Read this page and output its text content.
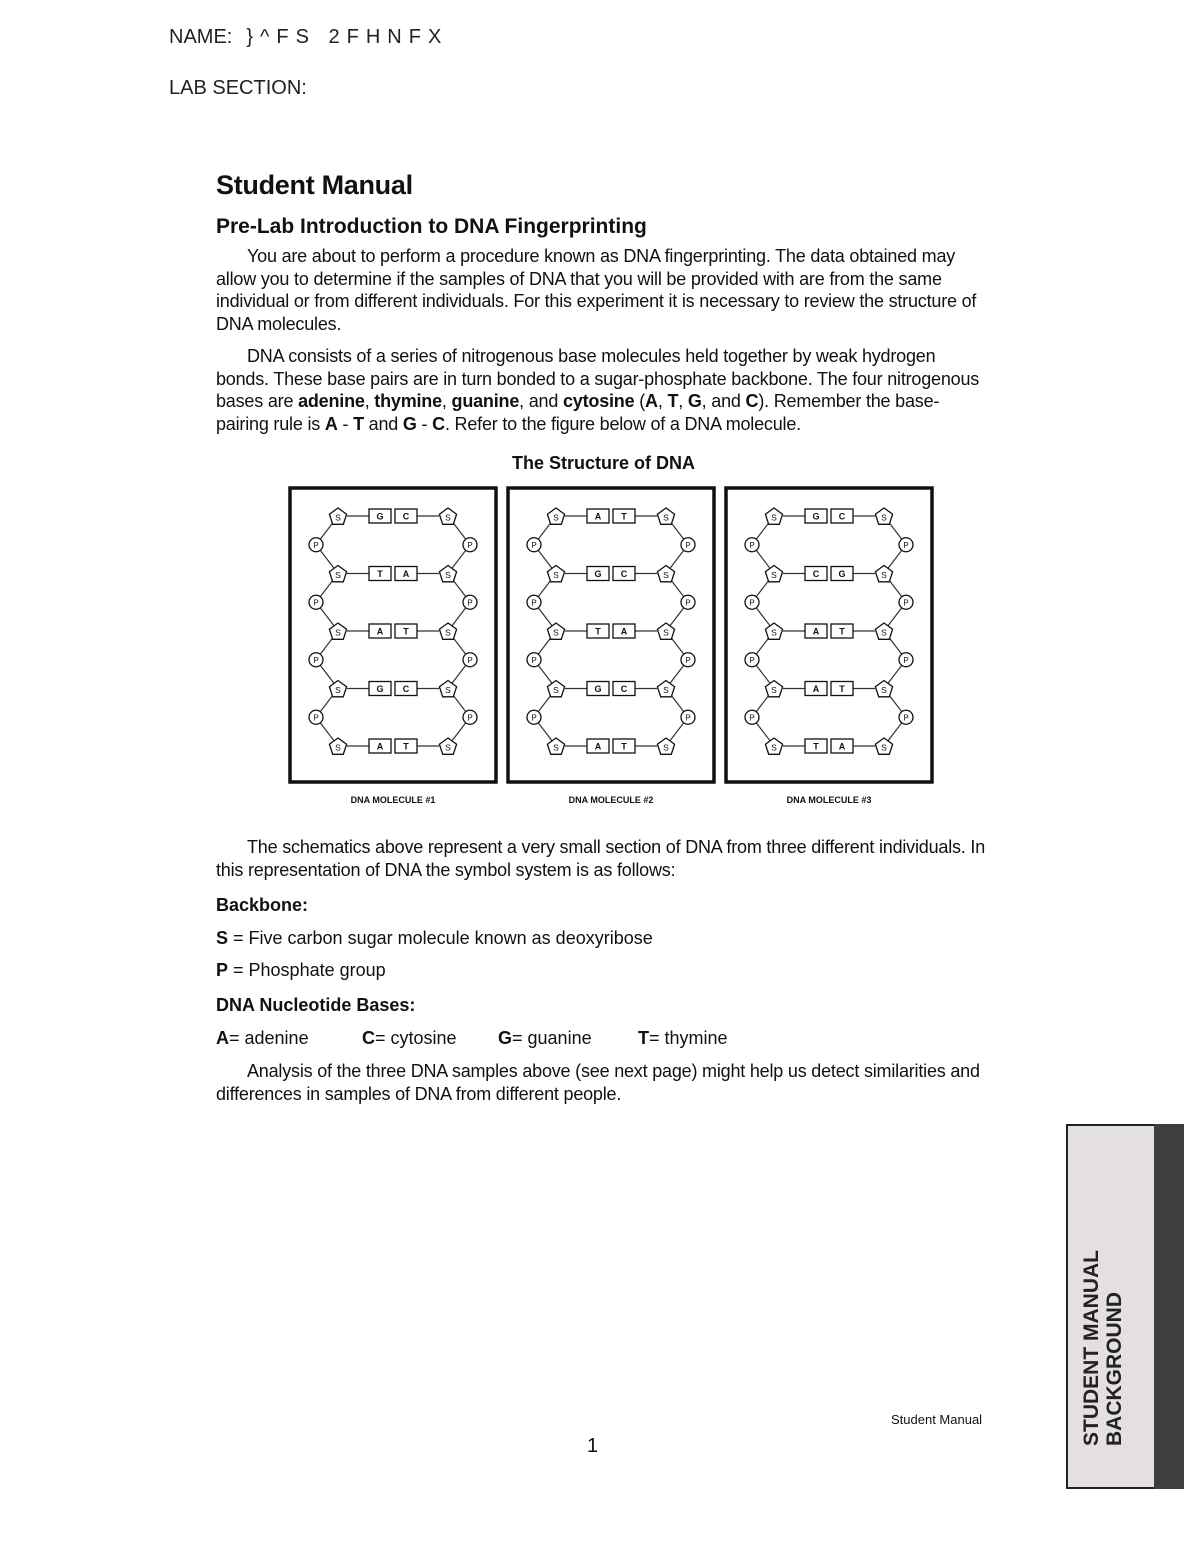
NAME: }^FS 2FHNFX
LAB SECTION:
Student Manual
Pre-Lab Introduction to DNA Fingerprinting

You are about to perform a procedure known as DNA fingerprinting. The data obtained may allow you to determine if the samples of DNA that you will be provided with are from the same individual or from different individuals. For this experiment it is necessary to review the structure of DNA molecules.

DNA consists of a series of nitrogenous base molecules held together by weak hydrogen bonds. These base pairs are in turn bonded to a sugar-phosphate backbone. The four nitrogenous bases are adenine, thymine, guanine, and cytosine (A, T, G, and C). Remember the base-pairing rule is A - T and G - C. Refer to the figure below of a DNA molecule.

The Structure of DNA
P	P
P	P
P	P
P	P
S	S
G C
S	S
T A
S	S
A T
S	S
G C
S	S
A T
DNA MOLECULE #1
P	P
P	P
P	P
P	P
S	S
A T
S	S
G C
S	S
T A
S	S
G C
S	S
A T
DNA MOLECULE #2
P	P
P	P
P	P
P	P
S	S
G C
S	S
C G
S	S
A T
S	S
A T
S	S
T A
DNA MOLECULE #3

The schematics above represent a very small section of DNA from three different individuals. In this representation of DNA the symbol system is as follows:

Backbone:
S = Five carbon sugar molecule known as deoxyribose
P = Phosphate group
DNA Nucleotide Bases:
A= adenine	C= cytosine G= guanine	T= thymine

Analysis of the three DNA samples above (see next page) might help us detect similarities and differences in samples of DNA from different people.

Student Manual
1	STUDENT MANUAL BACKGROUND
